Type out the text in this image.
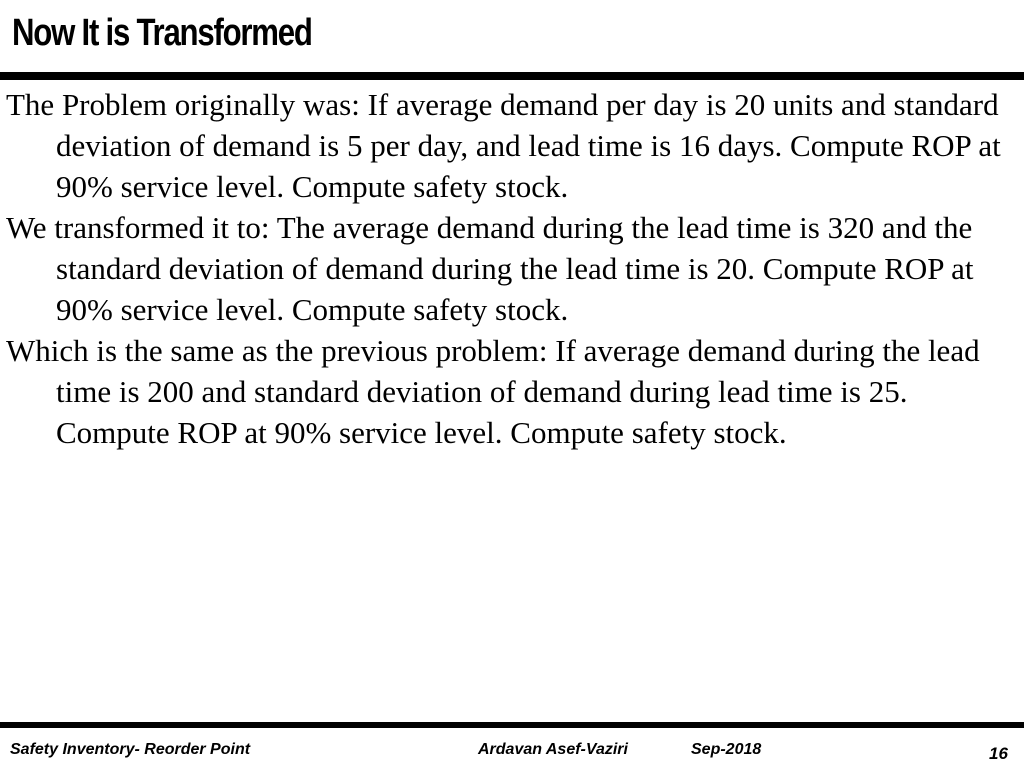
Now It is Transformed

The Problem originally was: If average demand per day is 20 units and standard deviation of demand is 5 per day, and lead time is 16 days. Compute ROP at 90% service level. Compute safety stock.

We transformed it to: The average demand during the lead time is 320 and the standard deviation of demand during the lead time is 20. Compute ROP at 90% service level. Compute safety stock.

Which is the same as the previous problem: If average demand during the lead time is 200 and standard deviation of demand during lead time is 25. Compute ROP at 90% service level. Compute safety stock.

Safety Inventory- Reorder Point	Ardavan Asef-Vaziri	Sep-2018	16
